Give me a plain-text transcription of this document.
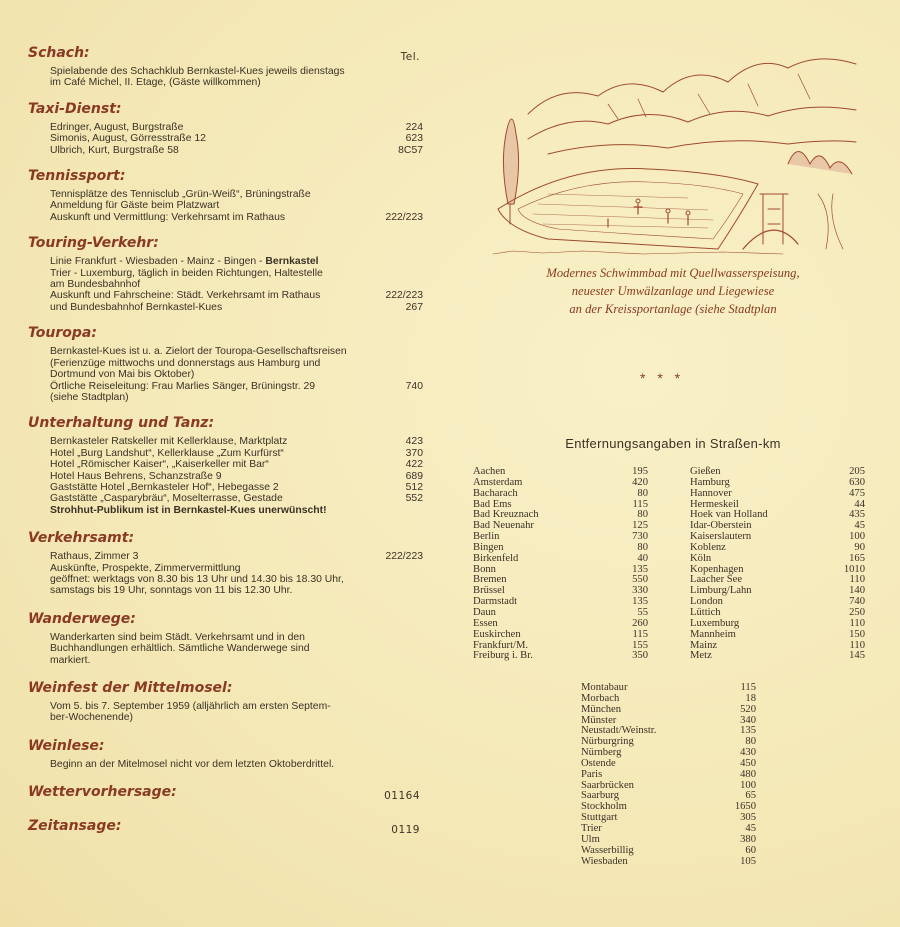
Schach:	Tel.
Spielabende des Schachklub Bernkastel-Kues jeweils dienstags
im Café Michel, II. Etage, (Gäste willkommen)
Taxi-Dienst:
Edringer, August, Burgstraße	224
Simonis, August, Görresstraße 12	623
Ulbrich, Kurt, Burgstraße 58	8C57
Tennissport:
Tennisplätze des Tennisclub „Grün-Weiß“, Brüningstraße
Anmeldung für Gäste beim Platzwart
Auskunft und Vermittlung: Verkehrsamt im Rathaus	222/223
Touring-Verkehr:
Linie Frankfurt - Wiesbaden - Mainz - Bingen - Bernkastel
Trier - Luxemburg, täglich in beiden Richtungen, Haltestelle
am Bundesbahnhof
Auskunft und Fahrscheine: Städt. Verkehrsamt im Rathaus	222/223
und Bundesbahnhof Bernkastel-Kues	267
Touropa:
Bernkastel-Kues ist u. a. Zielort der Touropa-Gesellschaftsreisen
(Ferienzüge mittwochs und donnerstags aus Hamburg und
Dortmund von Mai bis Oktober)
Örtliche Reiseleitung: Frau Marlies Sänger, Brüningstr. 29	740
(siehe Stadtplan)
Unterhaltung und Tanz:
Bernkasteler Ratskeller mit Kellerklause, Marktplatz	423
Hotel „Burg Landshut“, Kellerklause „Zum Kurfürst“	370
Hotel „Römischer Kaiser“, „Kaiserkeller mit Bar“	422
Hotel Haus Behrens, Schanzstraße 9	689
Gaststätte Hotel „Bernkasteler Hof“, Hebegasse 2	512
Gaststätte „Casparybräu“, Moselterrasse, Gestade	552
Strohhut-Publikum ist in Bernkastel-Kues unerwünscht!
Verkehrsamt:
Rathaus, Zimmer 3	222/223
Auskünfte, Prospekte, Zimmervermittlung
geöffnet: werktags von 8.30 bis 13 Uhr und 14.30 bis 18.30 Uhr,
samstags bis 19 Uhr, sonntags von 11 bis 12.30 Uhr.
Wanderwege:
Wanderkarten sind beim Städt. Verkehrsamt und in den
Buchhandlungen erhältlich. Sämtliche Wanderwege sind
markiert.
Weinfest der Mittelmosel:
Vom 5. bis 7. September 1959 (alljährlich am ersten Septem-
ber-Wochenende)
Weinlese:
Beginn an der Mitelmosel nicht vor dem letzten Oktoberdrittel.
Wettervorhersage:	01164
Zeitansage:	0119
Modernes Schwimmbad mit Quellwasserspeisung,
neuester Umwälzanlage und Liegewiese
an der Kreissportanlage (siehe Stadtplan
* * *
Entfernungsangaben in Straßen-km
Aachen	195
Amsterdam	420
Bacharach	80
Bad Ems	115
Bad Kreuznach	80
Bad Neuenahr	125
Berlin	730
Bingen	80
Birkenfeld	40
Bonn	135
Bremen	550
Brüssel	330
Darmstadt	135
Daun	55
Essen	260
Euskirchen	115
Frankfurt/M.	155
Freiburg i. Br.	350
Gießen	205
Hamburg	630
Hannover	475
Hermeskeil	44
Hoek van Holland	435
Idar-Oberstein	45
Kaiserslautern	100
Koblenz	90
Köln	165
Kopenhagen	1010
Laacher See	110
Limburg/Lahn	140
London	740
Lüttich	250
Luxemburg	110
Mannheim	150
Mainz	110
Metz	145
Montabaur	115
Morbach	18
München	520
Münster	340
Neustadt/Weinstr.	135
Nürburgring	80
Nürnberg	430
Ostende	450
Paris	480
Saarbrücken	100
Saarburg	65
Stockholm	1650
Stuttgart	305
Trier	45
Ulm	380
Wasserbillig	60
Wiesbaden	105
